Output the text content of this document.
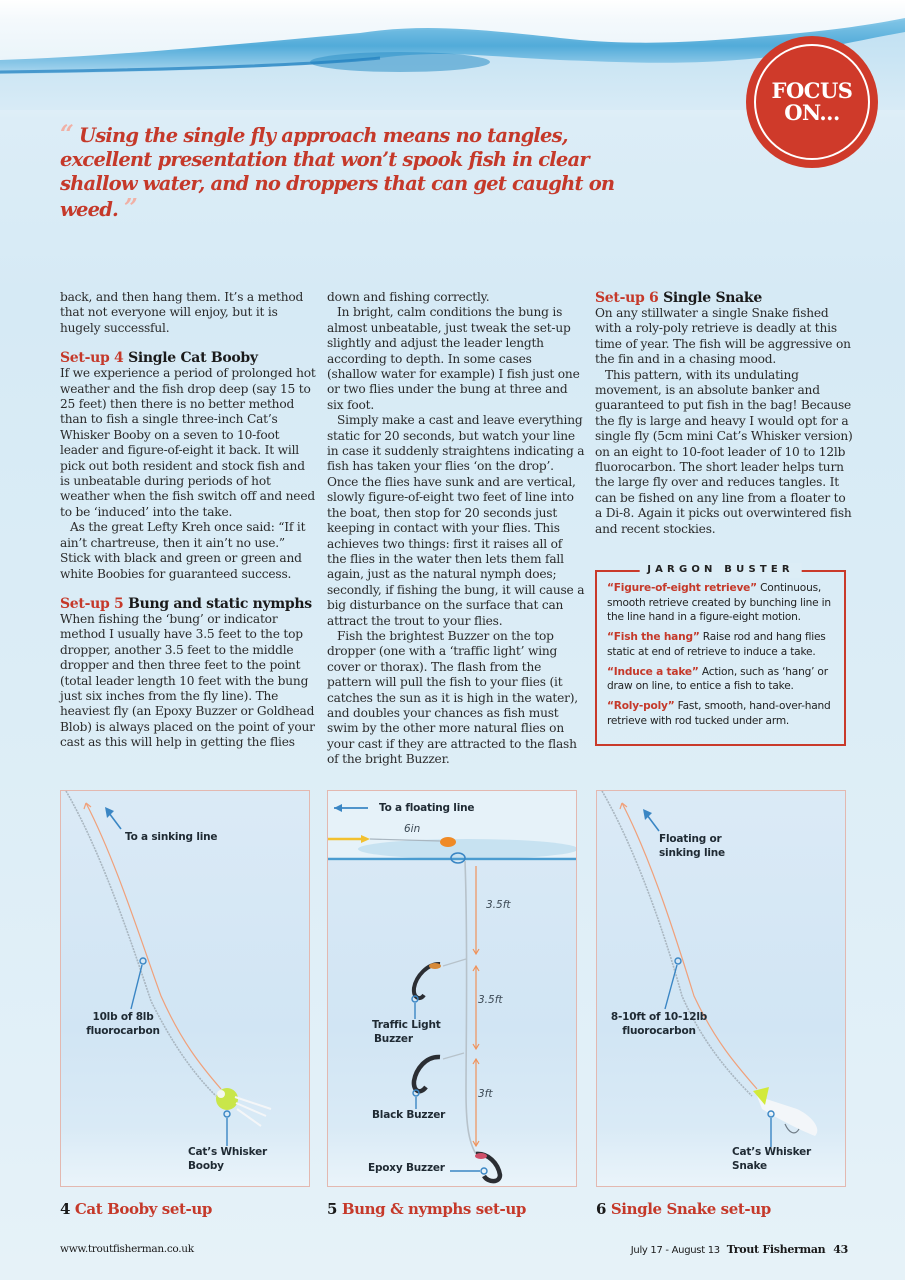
FOCUS
ON...
“ Using the single fly approach means no tangles, excellent presentation that won’t spook fish in clear shallow water, and no droppers that can get caught on weed. ”

back, and then hang them. It’s a method that not everyone will enjoy, but it is hugely successful.

Set-up 4 Single Cat Booby

If we experience a period of prolonged hot weather and the fish drop deep (say 15 to 25 feet) then there is no better method than to fish a single three-inch Cat’s Whisker Booby on a seven to 10-foot leader and figure-of-eight it back. It will pick out both resident and stock fish and is unbeatable during periods of hot weather when the fish switch off and need to be ‘induced’ into the take.

As the great Lefty Kreh once said: “If it ain’t chartreuse, then it ain’t no use.” Stick with black and green or green and white Boobies for guaranteed success.

Set-up 5 Bung and static nymphs

When fishing the ‘bung’ or indicator method I usually have 3.5 feet to the top dropper, another 3.5 feet to the middle dropper and then three feet to the point (total leader length 10 feet with the bung just six inches from the fly line). The heaviest fly (an Epoxy Buzzer or Goldhead Blob) is always placed on the point of your cast as this will help in getting the flies

down and fishing correctly.

In bright, calm conditions the bung is almost unbeatable, just tweak the set-up slightly and adjust the leader length according to depth. In some cases (shallow water for example) I fish just one or two flies under the bung at three and six foot.

Simply make a cast and leave everything static for 20 seconds, but watch your line in case it suddenly straightens indicating a fish has taken your flies ‘on the drop’. Once the flies have sunk and are vertical, slowly figure-of-eight two feet of line into the boat, then stop for 20 seconds just keeping in contact with your flies. This achieves two things: first it raises all of the flies in the water then lets them fall again, just as the natural nymph does; secondly, if fishing the bung, it will cause a big disturbance on the surface that can attract the trout to your flies.

Fish the brightest Buzzer on the top dropper (one with a ‘traffic light’ wing cover or thorax). The flash from the pattern will pull the fish to your flies (it catches the sun as it is high in the water), and doubles your chances as fish must swim by the other more natural flies on your cast if they are attracted to the flash of the bright Buzzer.

Set-up 6 Single Snake

On any stillwater a single Snake fished with a roly-poly retrieve is deadly at this time of year. The fish will be aggressive on the fin and in a chasing mood.

This pattern, with its undulating movement, is an absolute banker and guaranteed to put fish in the bag! Because the fly is large and heavy I would opt for a single fly (5cm mini Cat’s Whisker version) on an eight to 10-foot leader of 10 to 12lb fluorocarbon. The short leader helps turn the large fly over and reduces tangles. It can be fished on any line from a floater to a Di-8. Again it picks out overwintered fish and recent stockies.

JARGON BUSTER
“Figure-of-eight retrieve” Continuous, smooth retrieve created by bunching line in the line hand in a figure-eight motion.
“Fish the hang” Raise rod and hang flies static at end of retrieve to induce a take.
“Induce a take” Action, such as ‘hang’ or draw on line, to entice a fish to take.
“Roly-poly” Fast, smooth, hand-over-hand retrieve with rod tucked under arm.
To a sinking line
10lb of 8lb
fluorocarbon
Cat’s Whisker
Booby
To a floating line
6in
3.5ft
3.5ft
3ft
Traffic Light
Buzzer
Black Buzzer
Epoxy Buzzer
Floating or
sinking line
8-10ft of 10-12lb
fluorocarbon
Cat’s Whisker
Snake
4 Cat Booby set-up	5 Bung & nymphs set-up	6 Single Snake set-up
www.troutfisherman.co.uk	July 17 - August 13 Trout Fisherman 43
